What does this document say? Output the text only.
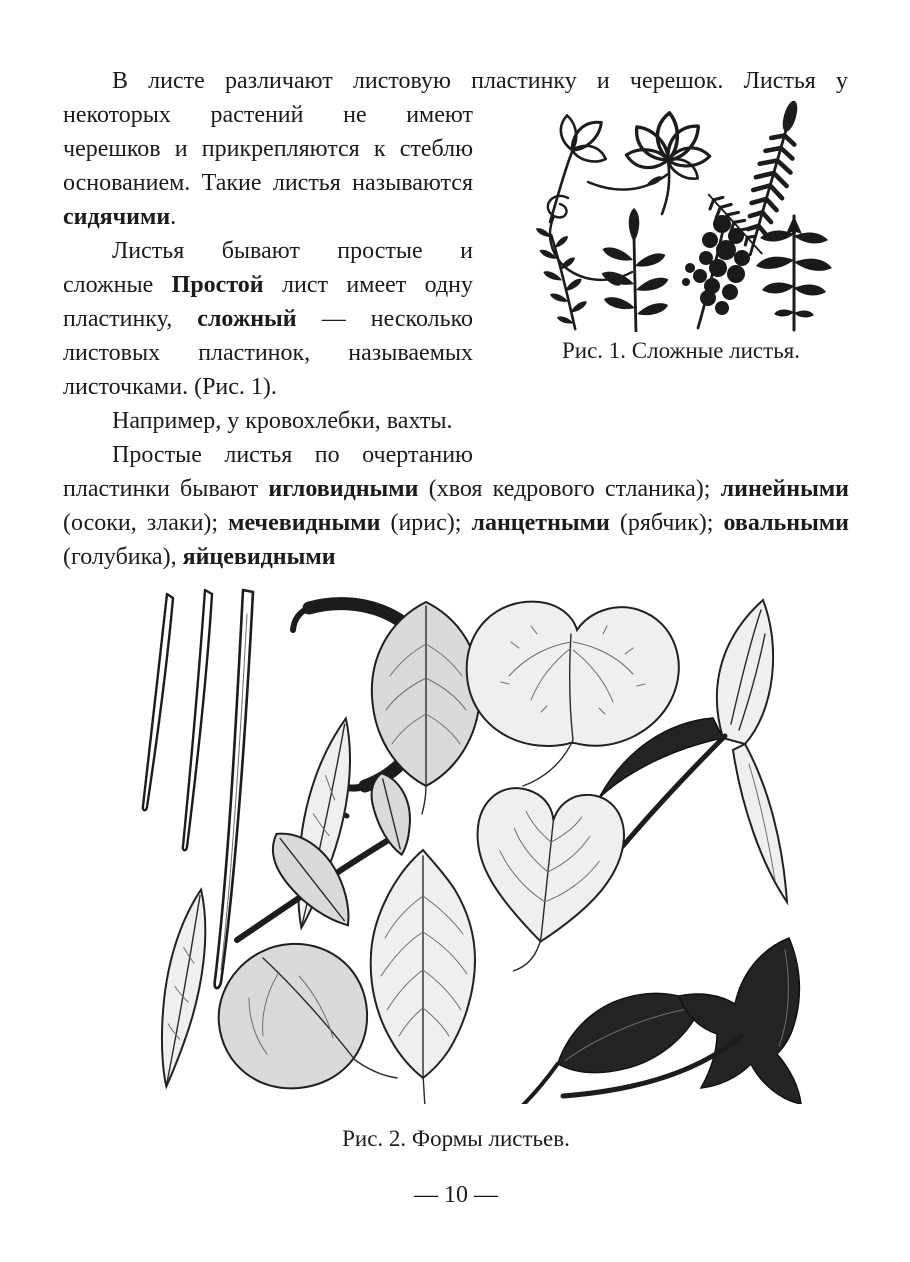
Рис. 1. Сложные листья.
В листе различают листовую пластинку и черешок. Листья у некоторых растений не имеют черешков и прикрепляются к стеблю основанием. Такие листья называются сидячими.

Листья бывают простые и сложные Простой лист имеет одну пластинку, сложный — несколько листовых пластинок, называемых листочками. (Рис. 1).

Например, у кровохлебки, вахты.

Простые листья по очертанию пластинки бывают игловидными (хвоя кедрового стланика); линейными (осоки, злаки); мечевидными (ирис); ланцетными (рябчик); овальными (голубика), яйцевидными

Рис. 2. Формы листьев.
— 10 —
